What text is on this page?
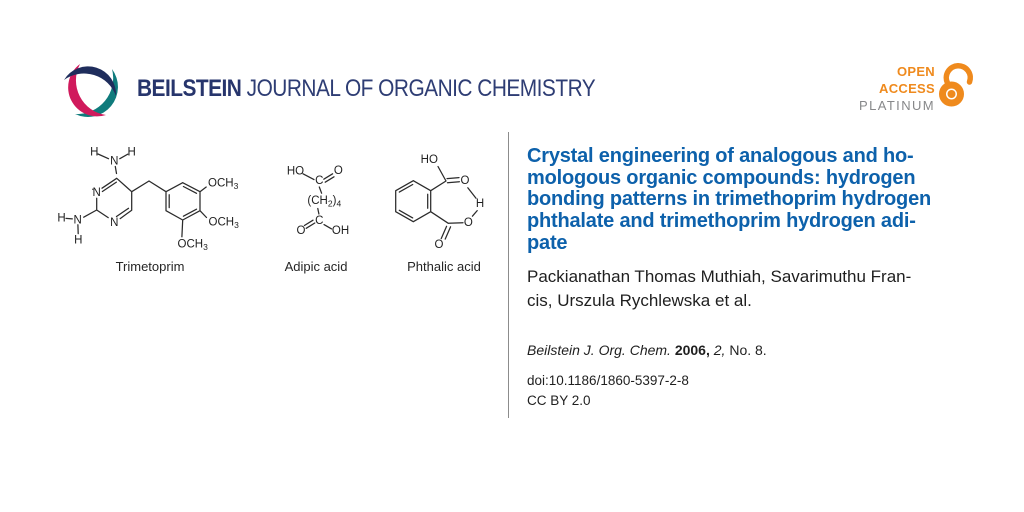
BEILSTEIN JOURNAL OF ORGANIC CHEMISTRY
OPEN
ACCESS
PLATINUM
H
N
H
N
N
H N
H
$OCH_3$
$OCH_3$
$OCH_3$
HO
C
O
$(CH_2)_4$
C
O OH
HO
O
H
O
O
Trimetoprim	Adipic acid	Phthalic acid
Crystal engineering of analogous and ho-
mologous organic compounds: hydrogen
bonding patterns in trimethoprim hydrogen
phthalate and trimethoprim hydrogen adi-
pate
Packianathan Thomas Muthiah, Savarimuthu Fran-
cis, Urszula Rychlewska et al.
Beilstein J. Org. Chem. 2006, 2, No. 8.
doi:10.1186/1860-5397-2-8
CC BY 2.0
